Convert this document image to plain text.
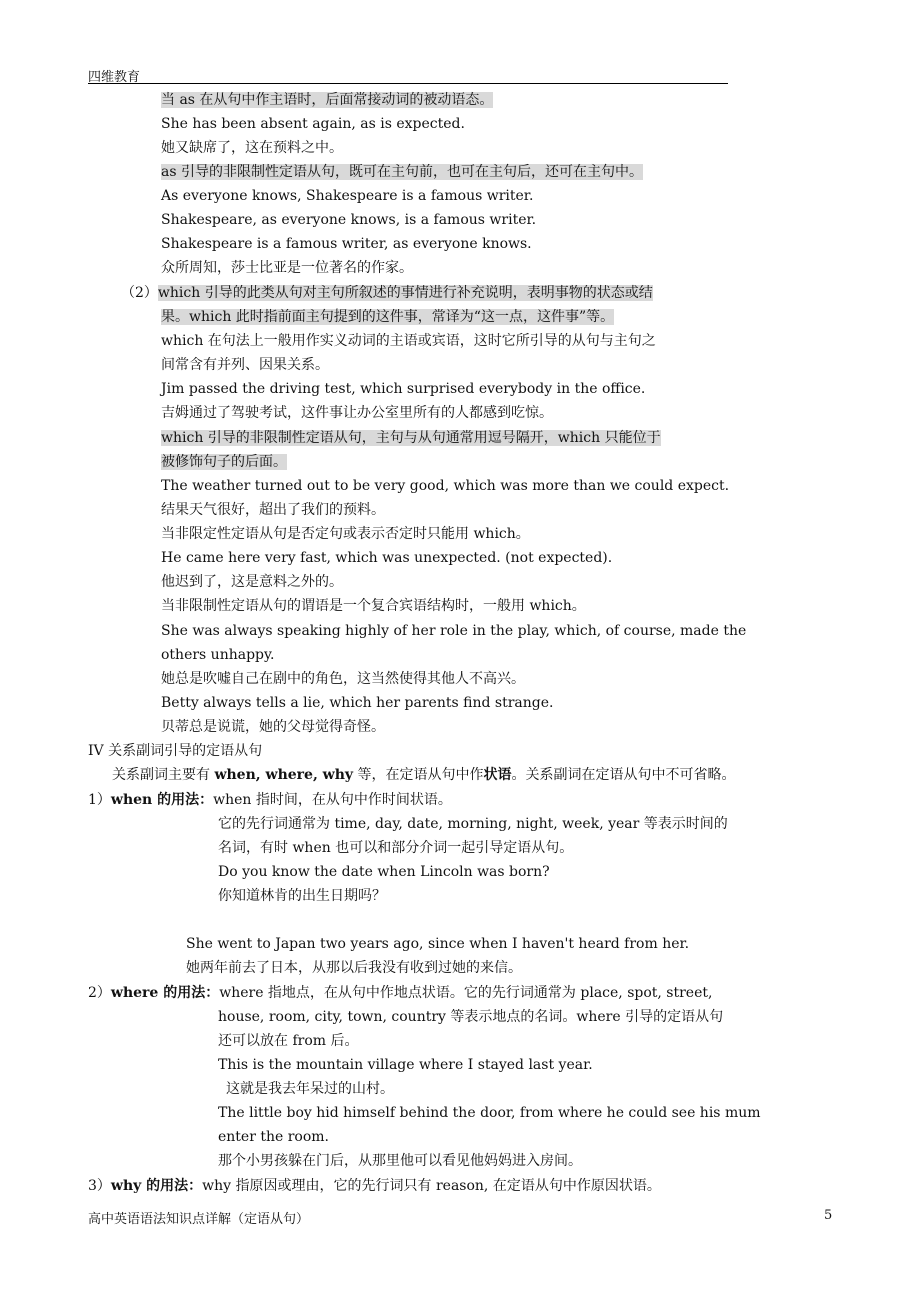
四维教育
当 as 在从句中作主语时，后面常接动词的被动语态。
She has been absent again, as is expected.
她又缺席了，这在预料之中。
as 引导的非限制性定语从句，既可在主句前，也可在主句后，还可在主句中。
As everyone knows, Shakespeare is a famous writer.
Shakespeare, as everyone knows, is a famous writer.
Shakespeare is a famous writer, as everyone knows.
众所周知，莎士比亚是一位著名的作家。
（2）which 引导的此类从句对主句所叙述的事情进行补充说明，表明事物的状态或结
果。which 此时指前面主句提到的这件事，常译为“这一点，这件事”等。
which 在句法上一般用作实义动词的主语或宾语，这时它所引导的从句与主句之
间常含有并列、因果关系。
Jim passed the driving test, which surprised everybody in the office.
吉姆通过了驾驶考试，这件事让办公室里所有的人都感到吃惊。
which 引导的非限制性定语从句，主句与从句通常用逗号隔开，which 只能位于
被修饰句子的后面。
The weather turned out to be very good, which was more than we could expect.
结果天气很好，超出了我们的预料。
当非限定性定语从句是否定句或表示否定时只能用 which。
He came here very fast, which was unexpected. (not expected).
他迟到了，这是意料之外的。
当非限制性定语从句的谓语是一个复合宾语结构时，一般用 which。
She was always speaking highly of her role in the play, which, of course, made the
others unhappy.
她总是吹嘘自己在剧中的角色，这当然使得其他人不高兴。
Betty always tells a lie, which her parents find strange.
贝蒂总是说谎，她的父母觉得奇怪。
IV 关系副词引导的定语从句
关系副词主要有 when, where, why 等，在定语从句中作状语。关系副词在定语从句中不可省略。
1）when 的用法：when 指时间，在从句中作时间状语。
它的先行词通常为 time, day, date, morning, night, week, year 等表示时间的
名词，有时 when 也可以和部分介词一起引导定语从句。
Do you know the date when Lincoln was born?
你知道林肯的出生日期吗？
She went to Japan two years ago, since when I haven't heard from her.
她两年前去了日本，从那以后我没有收到过她的来信。
2）where 的用法：where 指地点，在从句中作地点状语。它的先行词通常为 place, spot, street,
house, room, city, town, country 等表示地点的名词。where 引导的定语从句
还可以放在 from 后。
This is the mountain village where I stayed last year.
这就是我去年呆过的山村。
The little boy hid himself behind the door, from where he could see his mum
enter the room.
那个小男孩躲在门后，从那里他可以看见他妈妈进入房间。
3）why 的用法：why 指原因或理由，它的先行词只有 reason, 在定语从句中作原因状语。
高中英语语法知识点详解（定语从句）	5
